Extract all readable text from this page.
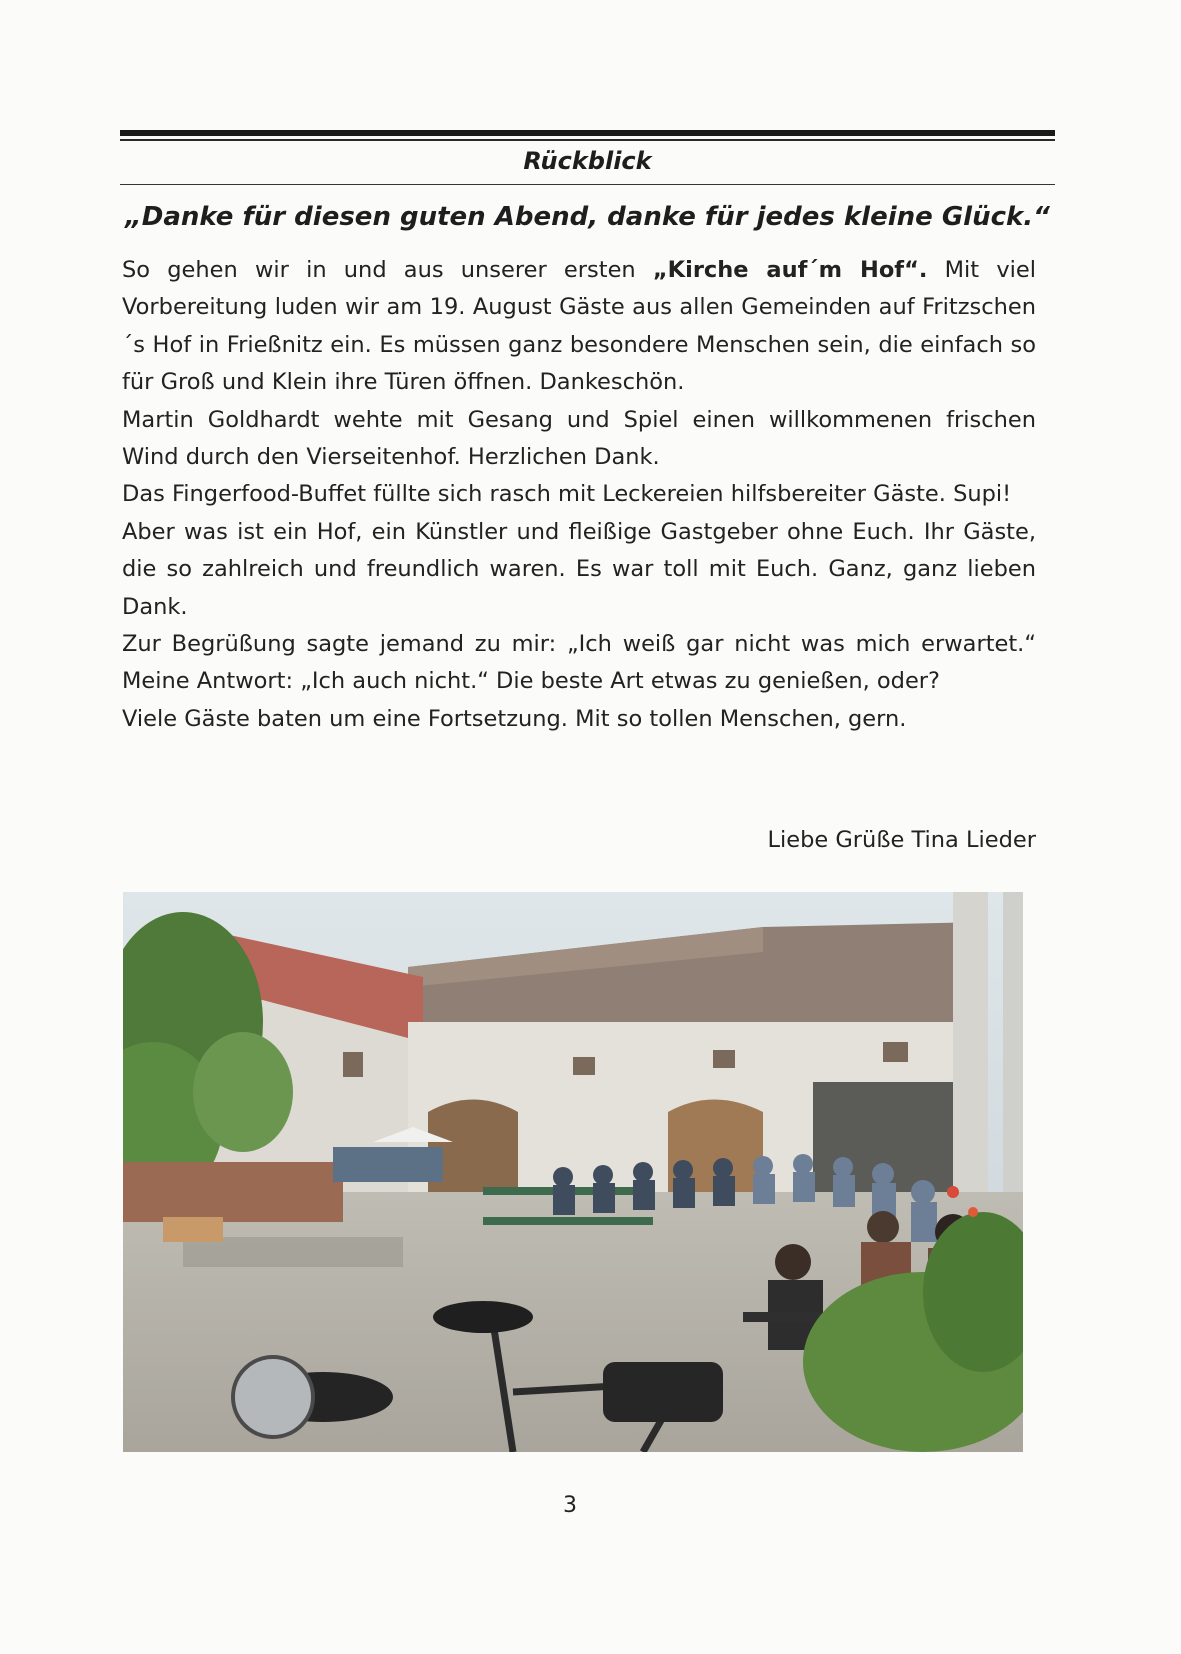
Rückblick
„Danke für diesen guten Abend, danke für jedes kleine Glück.“

So gehen wir in und aus unserer ersten „Kirche auf´m Hof“. Mit viel Vorbereitung luden wir am 19. August Gäste aus allen Gemeinden auf Fritzschen´s Hof in Frießnitz ein. Es müssen ganz besondere Menschen sein, die einfach so für Groß und Klein ihre Türen öffnen. Dankeschön.

Martin Goldhardt wehte mit Gesang und Spiel einen willkommenen frischen Wind durch den Vierseitenhof. Herzlichen Dank.

Das Fingerfood-Buffet füllte sich rasch mit Leckereien hilfsbereiter Gäste. Supi!

Aber was ist ein Hof, ein Künstler und fleißige Gastgeber ohne Euch. Ihr Gäste, die so zahlreich und freundlich waren. Es war toll mit Euch. Ganz, ganz lieben Dank.

Zur Begrüßung sagte jemand zu mir: „Ich weiß gar nicht was mich erwartet.“ Meine Antwort: „Ich auch nicht.“ Die beste Art etwas zu genießen, oder?

Viele Gäste baten um eine Fortsetzung. Mit so tollen Menschen, gern.

Liebe Grüße Tina Lieder
3
